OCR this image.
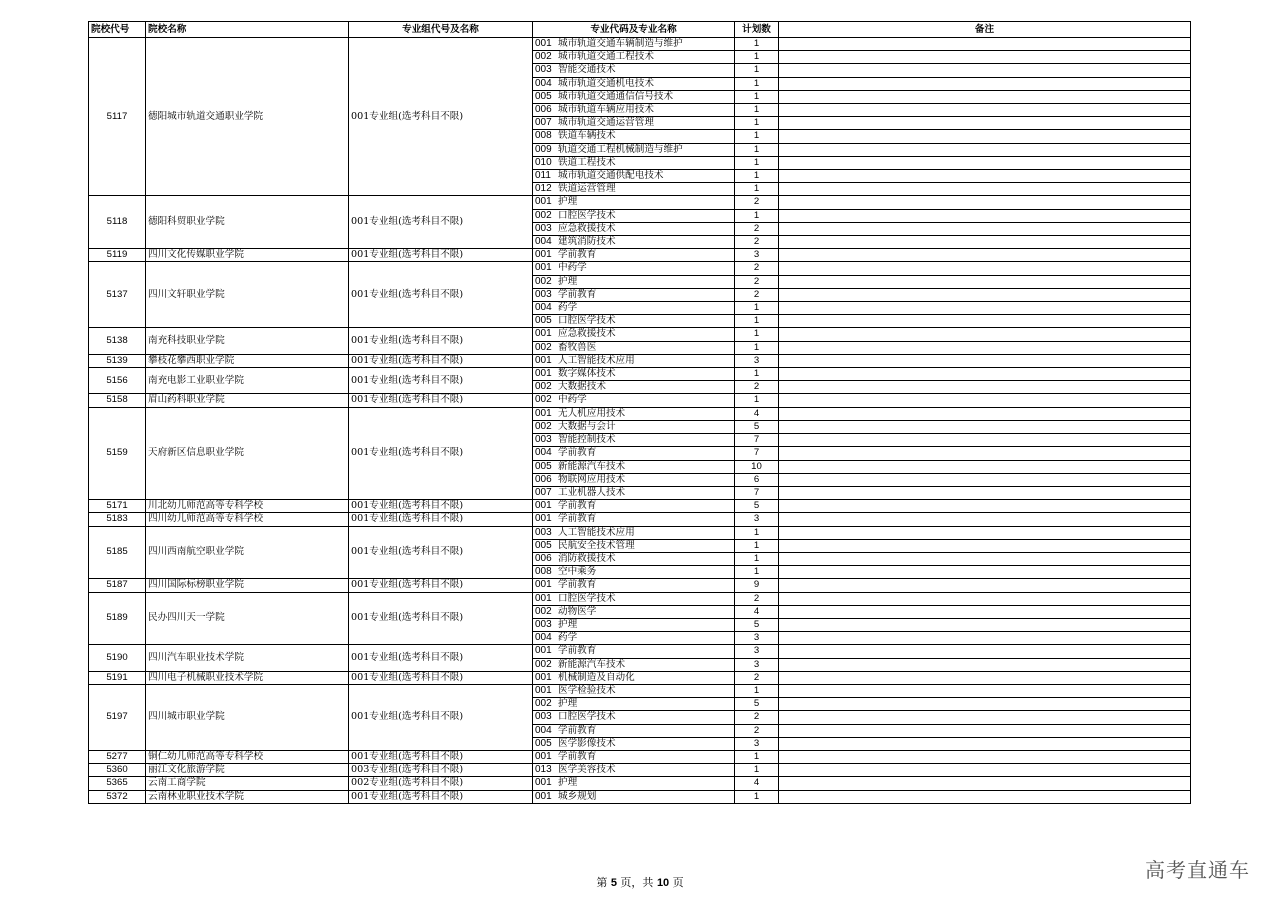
院校代号	院校名称	专业组代号及名称	专业代码及专业名称	计划数	备注
5117	德阳城市轨道交通职业学院	001专业组(选考科目不限)	001 城市轨道交通车辆制造与维护	1	
			002 城市轨道交通工程技术	1	
			003 智能交通技术	1	
			004 城市轨道交通机电技术	1	
			005 城市轨道交通通信信号技术	1	
			006 城市轨道车辆应用技术	1	
			007 城市轨道交通运营管理	1	
			008 铁道车辆技术	1	
			009 轨道交通工程机械制造与维护	1	
			010 铁道工程技术	1	
			011 城市轨道交通供配电技术	1	
			012 铁道运营管理	1	
5118	德阳科贸职业学院	001专业组(选考科目不限)	001 护理	2	
			002 口腔医学技术	1	
			003 应急救援技术	2	
			004 建筑消防技术	2	
5119	四川文化传媒职业学院	001专业组(选考科目不限)	001 学前教育	3	
5137	四川文轩职业学院	001专业组(选考科目不限)	001 中药学	2	
			002 护理	2	
			003 学前教育	2	
			004 药学	1	
			005 口腔医学技术	1	
5138	南充科技职业学院	001专业组(选考科目不限)	001 应急救援技术	1	
			002 畜牧兽医	1	
5139	攀枝花攀西职业学院	001专业组(选考科目不限)	001 人工智能技术应用	3	
5156	南充电影工业职业学院	001专业组(选考科目不限)	001 数字媒体技术	1	
			002 大数据技术	2	
5158	眉山药科职业学院	001专业组(选考科目不限)	002 中药学	1	
5159	天府新区信息职业学院	001专业组(选考科目不限)	001 无人机应用技术	4	
			002 大数据与会计	5	
			003 智能控制技术	7	
			004 学前教育	7	
			005 新能源汽车技术	10	
			006 物联网应用技术	6	
			007 工业机器人技术	7	
5171	川北幼儿师范高等专科学校	001专业组(选考科目不限)	001 学前教育	5	
5183	四川幼儿师范高等专科学校	001专业组(选考科目不限)	001 学前教育	3	
5185	四川西南航空职业学院	001专业组(选考科目不限)	003 人工智能技术应用	1	
			005 民航安全技术管理	1	
			006 消防救援技术	1	
			008 空中乘务	1	
5187	四川国际标榜职业学院	001专业组(选考科目不限)	001 学前教育	9	
5189	民办四川天一学院	001专业组(选考科目不限)	001 口腔医学技术	2	
			002 动物医学	4	
			003 护理	5	
			004 药学	3	
5190	四川汽车职业技术学院	001专业组(选考科目不限)	001 学前教育	3	
			002 新能源汽车技术	3	
5191	四川电子机械职业技术学院	001专业组(选考科目不限)	001 机械制造及自动化	2	
5197	四川城市职业学院	001专业组(选考科目不限)	001 医学检验技术	1	
			002 护理	5	
			003 口腔医学技术	2	
			004 学前教育	2	
			005 医学影像技术	3	
5277	铜仁幼儿师范高等专科学校	001专业组(选考科目不限)	001 学前教育	1	
5360	丽江文化旅游学院	003专业组(选考科目不限)	013 医学美容技术	1	
5365	云南工商学院	002专业组(选考科目不限)	001 护理	4	
5372	云南林业职业技术学院	001专业组(选考科目不限)	001 城乡规划	1	
第 5 页，共 10 页
高考直通车
